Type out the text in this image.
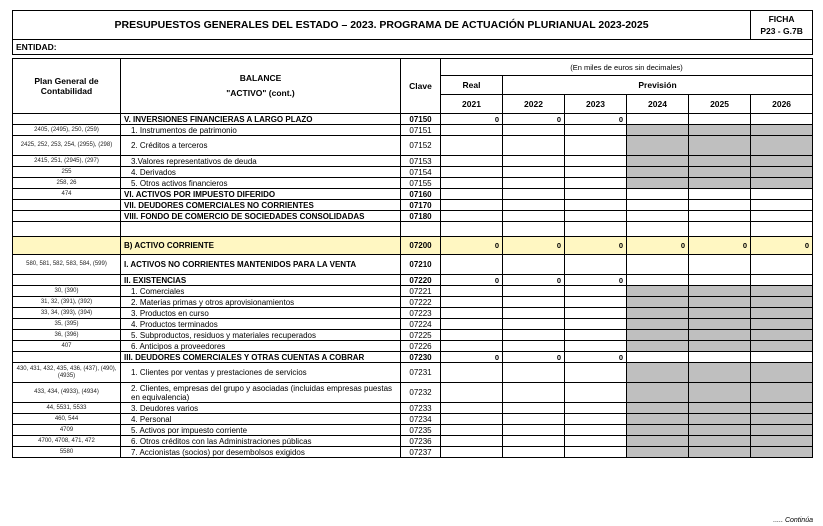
PRESUPUESTOS GENERALES DEL ESTADO – 2023. PROGRAMA DE ACTUACIÓN PLURIANUAL 2023-2025								FICHA
P23 - G.7B

ENTIDAD:								

Plan General de Contabilidad	BALANCE
"ACTIVO" (cont.)	Clave	(En miles de euros sin decimales)					
			Real	Previsión				
			2021	2022	2023	2024	2025	2026
	V. INVERSIONES FINANCIERAS A LARGO PLAZO	07150	0	0	0			
2405, (2495), 250, (259)	1. Instrumentos de patrimonio	07151						
2425, 252, 253, 254, (2955), (298)	2. Créditos a terceros	07152						
2415, 251, (2945), (297)	3.Valores representativos de deuda	07153						
255	4. Derivados	07154						
258, 26	5. Otros activos financieros	07155						
474	VI. ACTIVOS POR IMPUESTO DIFERIDO	07160						
	VII. DEUDORES COMERCIALES NO CORRIENTES	07170						
	VIII. FONDO DE COMERCIO DE SOCIEDADES CONSOLIDADAS	07180						

	B) ACTIVO CORRIENTE	07200	0	0	0	0	0	0
580, 581, 582, 583, 584, (599)	I. ACTIVOS NO CORRIENTES MANTENIDOS PARA LA VENTA	07210						
	II. EXISTENCIAS	07220	0	0	0			
30, (390)	1. Comerciales	07221						
31, 32, (391), (392)	2. Materias primas y otros aprovisionamientos	07222						
33, 34, (393), (394)	3. Productos en curso	07223						
35, (395)	4. Productos terminados	07224						
36, (396)	5. Subproductos, residuos y materiales recuperados	07225						
407	6. Anticipos a proveedores	07226						
	III. DEUDORES COMERCIALES Y OTRAS CUENTAS A COBRAR	07230	0	0	0			
430, 431, 432, 435, 436, (437), (490), (4935)	1. Clientes por ventas y prestaciones de servicios	07231						
433, 434, (4933), (4934)	2. Clientes, empresas del grupo y asociadas (incluidas empresas puestas en equivalencia)	07232						
44, 5531, 5533	3. Deudores varios	07233						
460, 544	4. Personal	07234						
4709	5. Activos por impuesto corriente	07235						
4700, 4708, 471, 472	6. Otros créditos con las Administraciones públicas	07236						
5580	7. Accionistas (socios) por desembolsos exigidos	07237						
..... Continúa
